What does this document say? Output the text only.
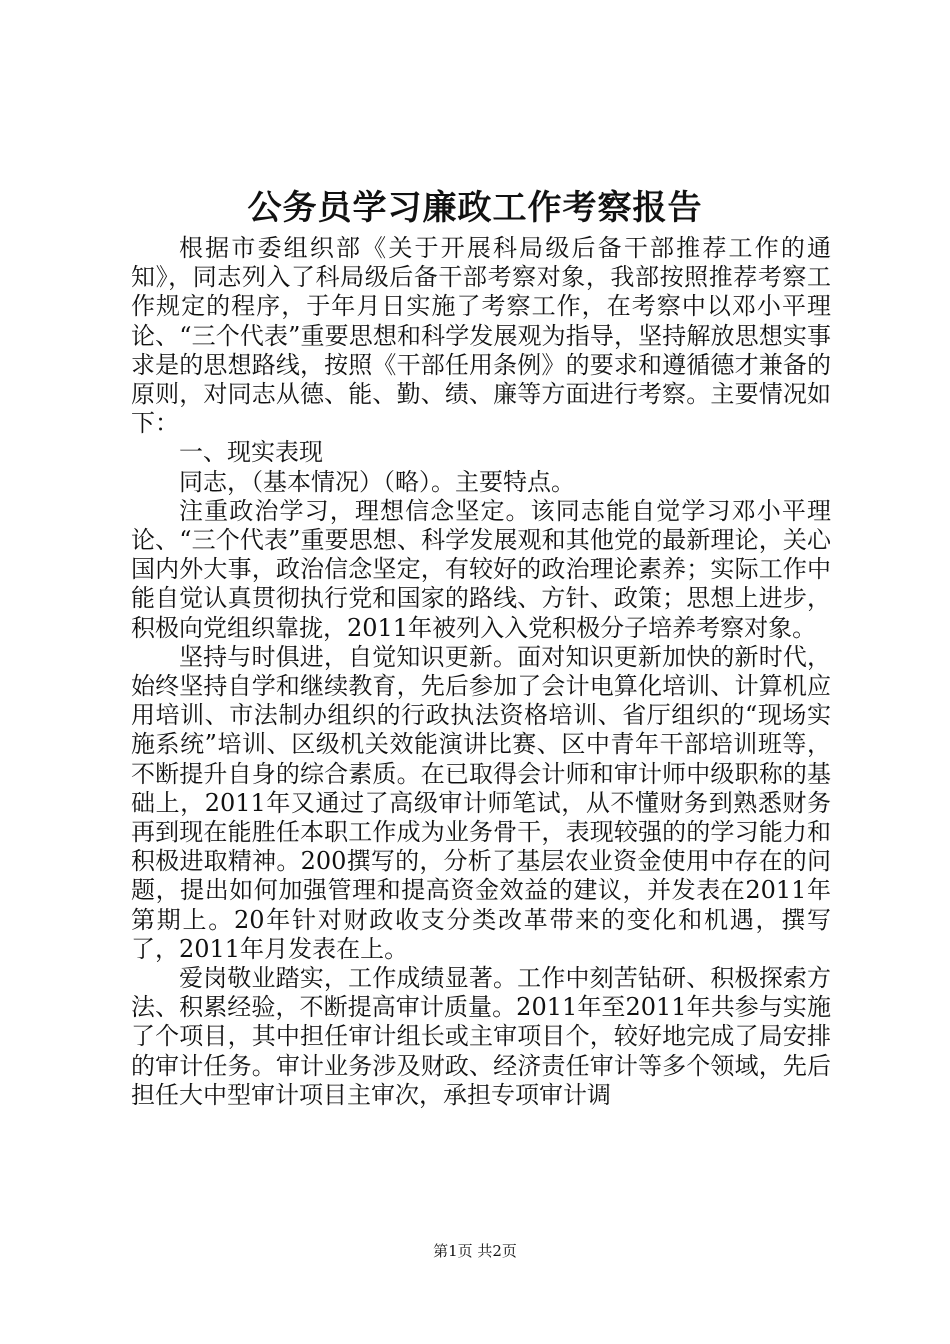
公务员学习廉政工作考察报告

根据市委组织部《关于开展科局级后备干部推荐工作的通知》，同志列入了科局级后备干部考察对象，我部按照推荐考察工作规定的程序，于年月日实施了考察工作，在考察中以邓小平理论、“三个代表”重要思想和科学发展观为指导，坚持解放思想实事求是的思想路线，按照《干部任用条例》的要求和遵循德才兼备的原则，对同志从德、能、勤、绩、廉等方面进行考察。主要情况如下：

一、现实表现

同志，（基本情况）（略）。主要特点。

注重政治学习，理想信念坚定。该同志能自觉学习邓小平理论、“三个代表”重要思想、科学发展观和其他党的最新理论，关心国内外大事，政治信念坚定，有较好的政治理论素养；实际工作中能自觉认真贯彻执行党和国家的路线、方针、政策；思想上进步，积极向党组织靠拢，2011年被列入入党积极分子培养考察对象。

坚持与时俱进，自觉知识更新。面对知识更新加快的新时代，始终坚持自学和继续教育，先后参加了会计电算化培训、计算机应用培训、市法制办组织的行政执法资格培训、省厅组织的“现场实施系统”培训、区级机关效能演讲比赛、区中青年干部培训班等，不断提升自身的综合素质。在已取得会计师和审计师中级职称的基础上，2011年又通过了高级审计师笔试，从不懂财务到熟悉财务再到现在能胜任本职工作成为业务骨干，表现较强的的学习能力和积极进取精神。200撰写的，分析了基层农业资金使用中存在的问题，提出如何加强管理和提高资金效益的建议，并发表在2011年第期上。20年针对财政收支分类改革带来的变化和机遇，撰写了，2011年月发表在上。

爱岗敬业踏实，工作成绩显著。工作中刻苦钻研、积极探索方法、积累经验，不断提高审计质量。2011年至2011年共参与实施了个项目，其中担任审计组长或主审项目个，较好地完成了局安排的审计任务。审计业务涉及财政、经济责任审计等多个领域，先后担任大中型审计项目主审次，承担专项审计调

第1页 共2页
